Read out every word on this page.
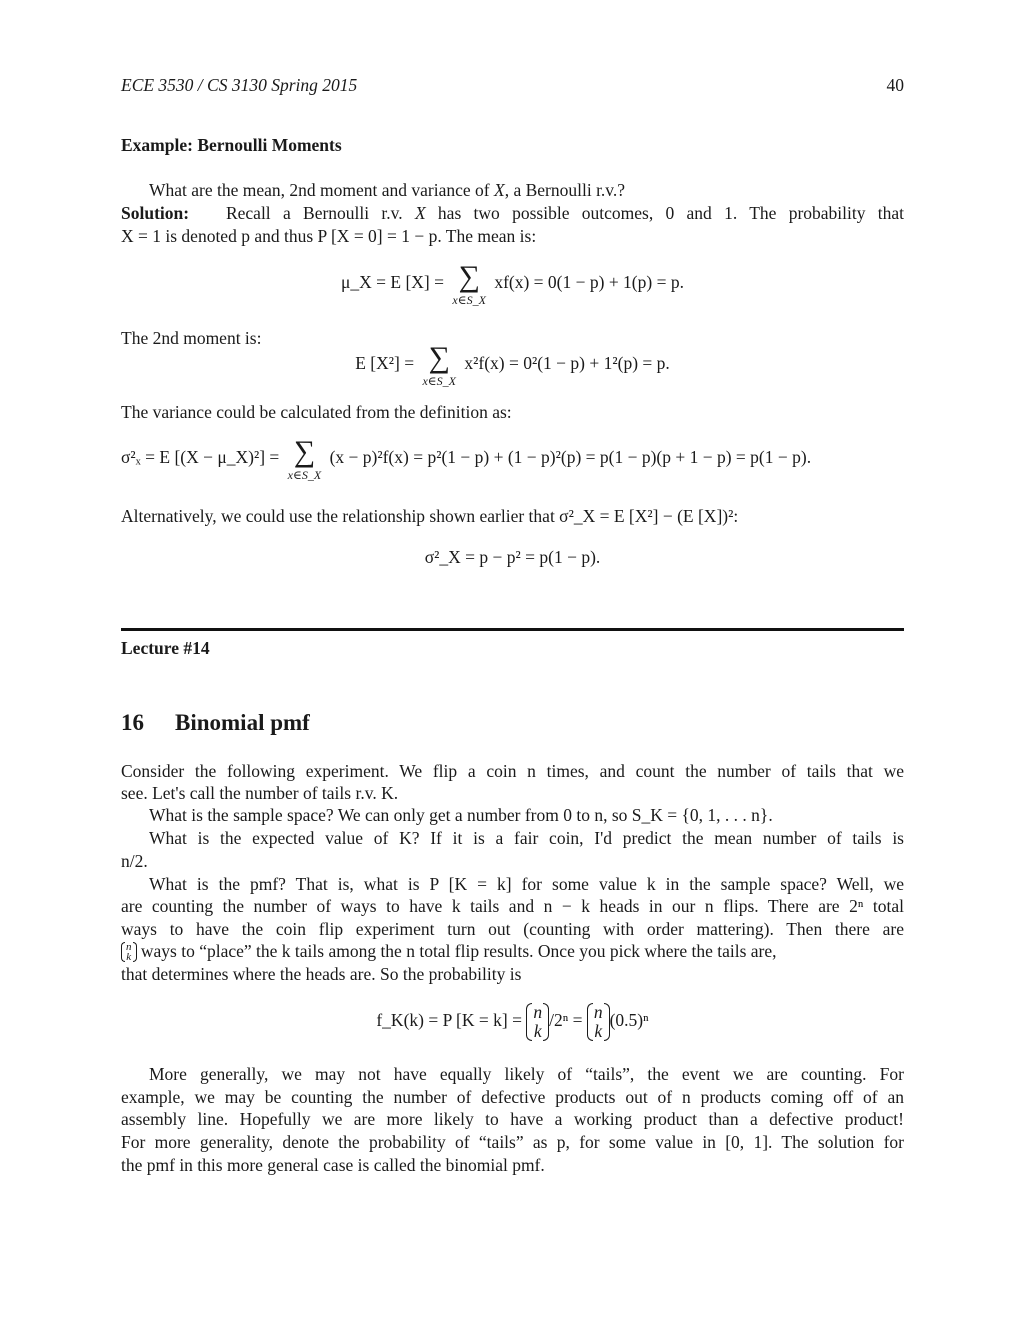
ECE 3530 / CS 3130 Spring 2015	40
Example: Bernoulli Moments
What are the mean, 2nd moment and variance of X, a Bernoulli r.v.?
Solution: Recall a Bernoulli r.v. X has two possible outcomes, 0 and 1. The probability that
X = 1 is denoted p and thus P [X = 0] = 1 − p. The mean is:
μ_X = E [X] = ∑
x∈S_X
xf(x) = 0(1 − p) + 1(p) = p.
The 2nd moment is:
E [X²] = ∑
x∈S_X
x²f(x) = 0²(1 − p) + 1²(p) = p.
The variance could be calculated from the definition as:
σ²ₓ = E [(X − μ_X)²] = ∑
x∈S_X
(x − p)²f(x) = p²(1 − p) + (1 − p)²(p) = p(1 − p)(p + 1 − p) = p(1 − p).
Alternatively, we could use the relationship shown earlier that σ²_X = E [X²] − (E [X])²:
σ²_X = p − p² = p(1 − p).
Lecture #14
16 Binomial pmf
Consider the following experiment. We flip a coin n times, and count the number of tails that we
see. Let's call the number of tails r.v. K.
What is the sample space? We can only get a number from 0 to n, so S_K = {0, 1, . . . n}.
What is the expected value of K? If it is a fair coin, I'd predict the mean number of tails is
n/2.
What is the pmf? That is, what is P [K = k] for some value k in the sample space? Well, we
are counting the number of ways to have k tails and n − k heads in our n flips. There are 2ⁿ total
ways to have the coin flip experiment turn out (counting with order mattering). Then there are
n
k ways to “place” the k tails among the n total flip results. Once you pick where the tails are,
that determines where the heads are. So the probability is
f_K(k) = P [K = k] = n
k
/2ⁿ = n
k
(0.5)ⁿ
More generally, we may not have equally likely of “tails”, the event we are counting. For
example, we may be counting the number of defective products out of n products coming off of an
assembly line. Hopefully we are more likely to have a working product than a defective product!
For more generality, denote the probability of “tails” as p, for some value in [0, 1]. The solution for
the pmf in this more general case is called the binomial pmf.
